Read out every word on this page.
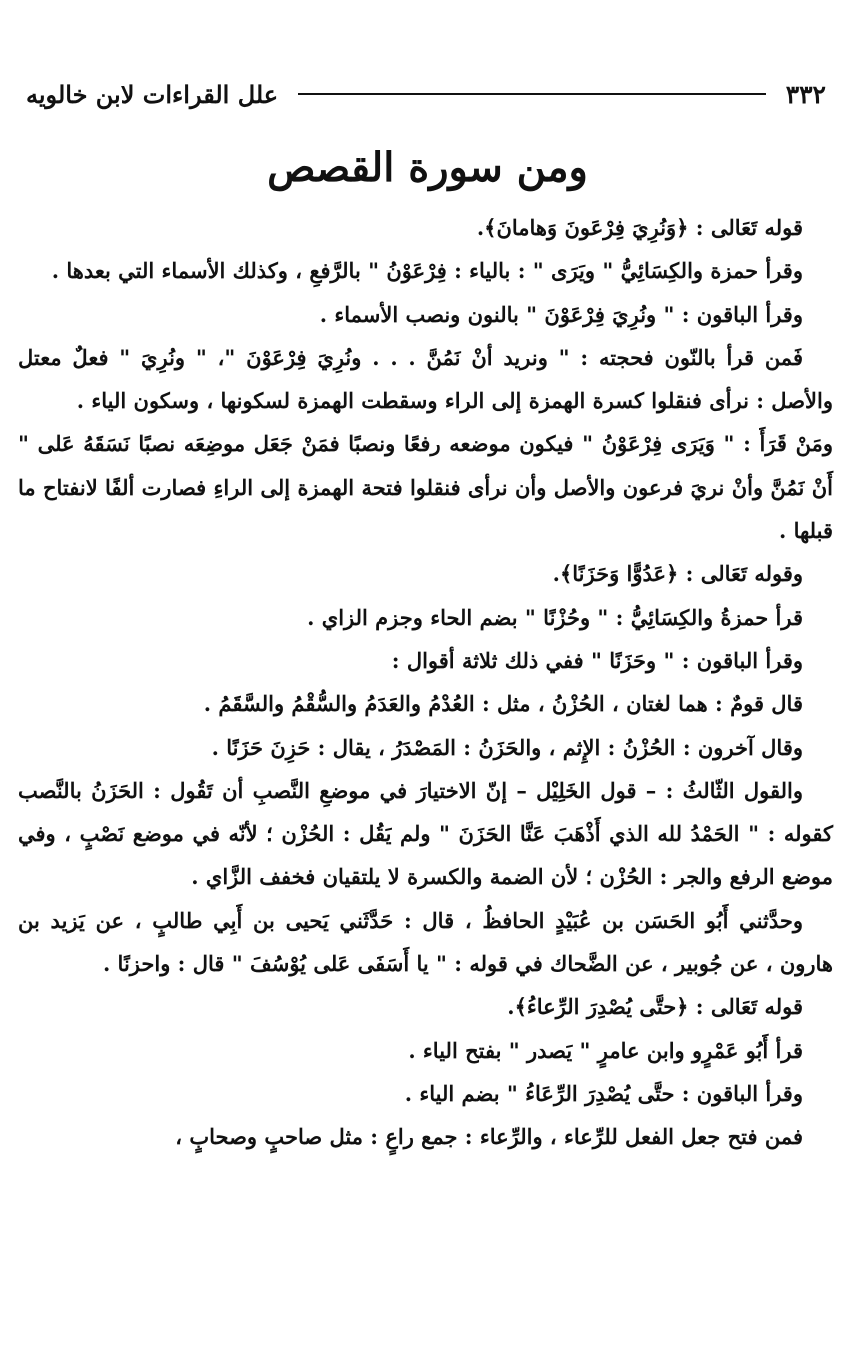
٣٣٢
علل القراءات لابن خالويه
ومن سورة القصص

قوله تَعَالى : ﴿وَنُرِيَ فِرْعَونَ وَهامانَ﴾.

وقرأ حمزة والكِسَائِيُّ " ويَرَى " : بالياء : فِرْعَوْنُ " بالرَّفعِ ، وكذلك الأسماء التي بعدها .

وقرأ الباقون : " ونُرِيَ فِرْعَوْنَ " بالنون ونصب الأسماء .

فَمن قرأ بالنّون فحجته : " ونريد أنْ نَمُنَّ . . . ونُرِيَ فِرْعَوْنَ "، " ونُرِيَ " فعلٌ معتل والأصل : نرأى فنقلوا كسرة الهمزة إلى الراء وسقطت الهمزة لسكونها ، وسكون الياء .

ومَنْ قَرَأَ : " وَيَرَى فِرْعَوْنُ " فيكون موضعه رفعًا ونصبًا فمَنْ جَعَل موضِعَه نصبًا نَسَقَهُ عَلى " أَنْ نَمُنَّ وأنْ نريَ فرعون والأصل وأن نرأى فنقلوا فتحة الهمزة إلى الراءِ فصارت ألفًا لانفتاح ما قبلها .

وقوله تَعَالى : ﴿عَدُوًّا وَحَزَنًا﴾.

قرأ حمزةُ والكِسَائِيُّ : " وحُزْنًا " بضم الحاء وجزم الزاي .

وقرأ الباقون : " وحَزَنًا " ففي ذلك ثلاثة أقوال :

قال قومٌ : هما لغتان ، الحُزْنُ ، مثل : العُدْمُ والعَدَمُ والسُّقْمُ والسَّقَمُ .

وقال آخرون : الحُزْنُ : الإِثم ، والحَزَنُ : المَصْدَرُ ، يقال : حَزِنَ حَزَنًا .

والقول الثّالثُ : – قول الخَلِيْل – إنّ الاختيارَ في موضعِ النَّصبِ أن تَقُول : الحَزَنُ بالنَّصب كقوله : " الحَمْدُ لله الذي أَذْهَبَ عَنَّا الحَزَنَ " ولم يَقُل : الحُزْن ؛ لأنّه في موضع نَصْبٍ ، وفي موضع الرفع والجر : الحُزْن ؛ لأن الضمة والكسرة لا يلتقيان فخفف الزَّاي .

وحدَّثني أَبُو الحَسَن بن عُبَيْدٍ الحافظُ ، قال : حَدَّثَني يَحيى بن أَبِي طالبٍ ، عن يَزيد بن هارون ، عن جُوبير ، عن الضَّحاك في قوله : " يا أَسَفَى عَلى يُوْسُفَ " قال : واحزنًا .

قوله تَعَالى : ﴿حتَّى يُصْدِرَ الرِّعاءُ﴾.

قرأ أَبُو عَمْرٍو وابن عامرٍ " يَصدر " بفتح الياء .

وقرأ الباقون : حتَّى يُصْدِرَ الرِّعَاءُ " بضم الياء .

فمن فتح جعل الفعل للرِّعاء ، والرِّعاء : جمع راعٍ : مثل صاحبٍ وصحابٍ ،
